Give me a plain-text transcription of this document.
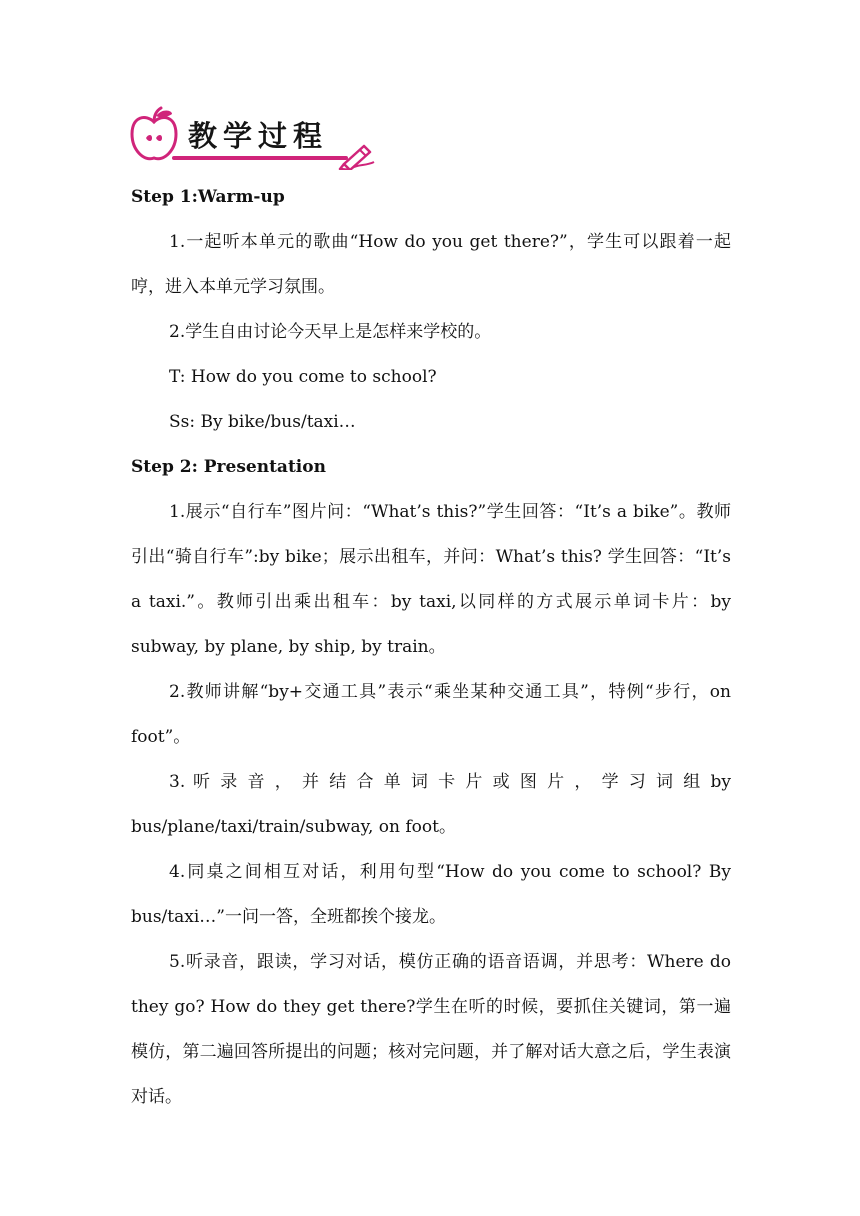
教学过程

Step 1:Warm-up

1.一起听本单元的歌曲“How do you get there?”，学生可以跟着一起哼，进入本单元学习氛围。

2.学生自由讨论今天早上是怎样来学校的。

T: How do you come to school?

Ss: By bike/bus/taxi…

Step 2: Presentation

1.展示“自行车”图片问：“What’s this?”学生回答：“It’s a bike”。教师引出“骑自行车”:by bike；展示出租车，并问：What’s this? 学生回答：“It’s a taxi.”。教师引出乘出租车：by taxi,以同样的方式展示单词卡片：by subway, by plane, by ship, by train。

2.教师讲解“by+交通工具”表示“乘坐某种交通工具”，特例“步行，on foot”。

3. 听 录 音 ， 并 结 合 单 词 卡 片 或 图 片 ， 学 习 词 组 by bus/plane/taxi/train/subway, on foot。

4.同桌之间相互对话，利用句型“How do you come to school? By bus/taxi…”一问一答，全班都挨个接龙。

5.听录音，跟读，学习对话，模仿正确的语音语调，并思考：Where do they go? How do they get there?学生在听的时候，要抓住关键词，第一遍模仿，第二遍回答所提出的问题；核对完问题，并了解对话大意之后，学生表演对话。
